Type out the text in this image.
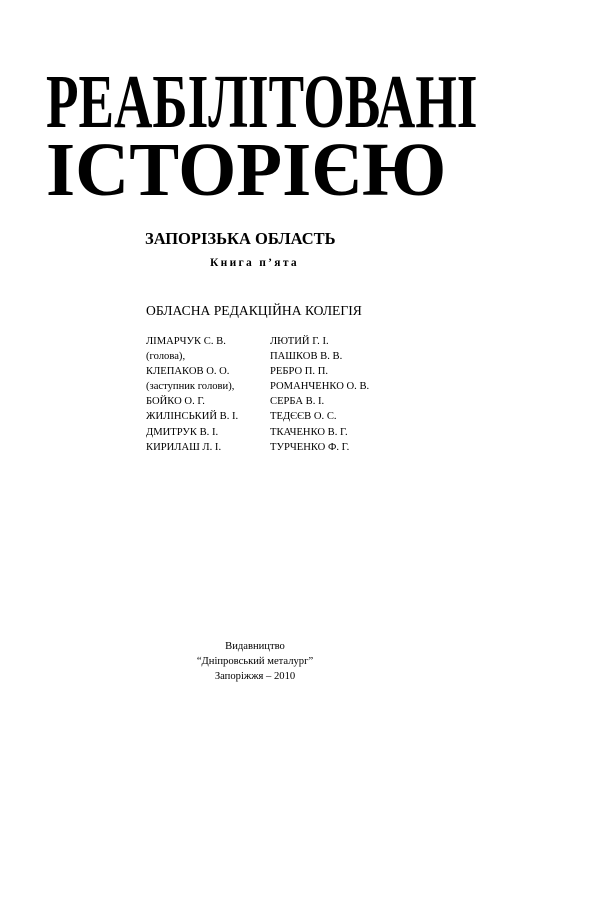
РЕАБІЛІТОВАНІ
ІСТОРІЄЮ

ЗАПОРІЗЬКА ОБЛАСТЬ

Книга п’ята

ОБЛАСНА РЕДАКЦІЙНА КОЛЕГІЯ

ЛІМАРЧУК С. В.
(голова),
КЛЕПАКОВ О. О.
(заступник голови),
БОЙКО О. Г.
ЖИЛІНСЬКИЙ В. І.
ДМИТРУК В. І.
КИРИЛАШ Л. І.
ЛЮТИЙ Г. І.
ПАШКОВ В. В.
РЕБРО П. П.
РОМАНЧЕНКО О. В.
СЕРБА В. І.
ТЕДЄЄВ О. С.
ТКАЧЕНКО В. Г.
ТУРЧЕНКО Ф. Г.
Видавництво
“Дніпровський металург”
Запоріжжя – 2010
